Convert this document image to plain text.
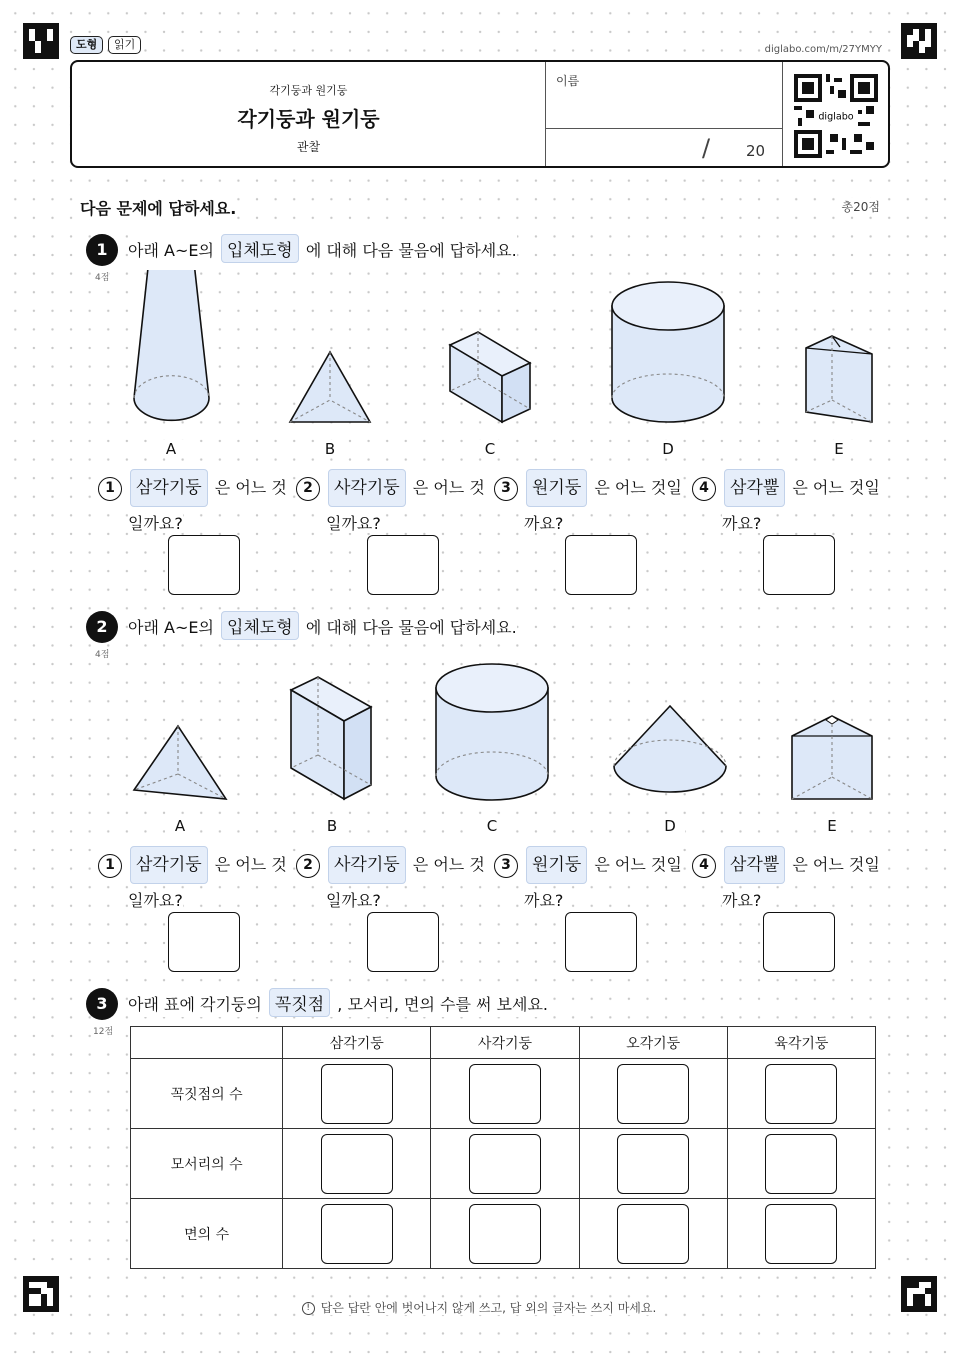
도형	읽기	diglabo.com/m/27YMYY
각기둥과 원기둥
각기둥과 원기둥
관찰
이름
/ 20
diglabo
다음 문제에 답하세요.	총20점
1
4점
아래 A~E의 입체도형 에 대해 다음 물음에 답하세요.
A	B	C	D	E
1 삼각기둥 은 어느 것
일까요?
2 사각기둥 은 어느 것
일까요?
3 원기둥 은 어느 것일
까요?
4 삼각뿔 은 어느 것일
까요?
2
4점
아래 A~E의 입체도형 에 대해 다음 물음에 답하세요.
A	B	C	D	E
1 삼각기둥 은 어느 것
일까요?
2 사각기둥 은 어느 것
일까요?
3 원기둥 은 어느 것일
까요?
4 삼각뿔 은 어느 것일
까요?
3
12점
아래 표에 각기둥의 꼭짓점 , 모서리, 면의 수를 써 보세요.
	삼각기둥	사각기둥	오각기둥	육각기둥
꼭짓점의 수				
모서리의 수				
면의 수				
! 답은 답란 안에 벗어나지 않게 쓰고, 답 외의 글자는 쓰지 마세요.
